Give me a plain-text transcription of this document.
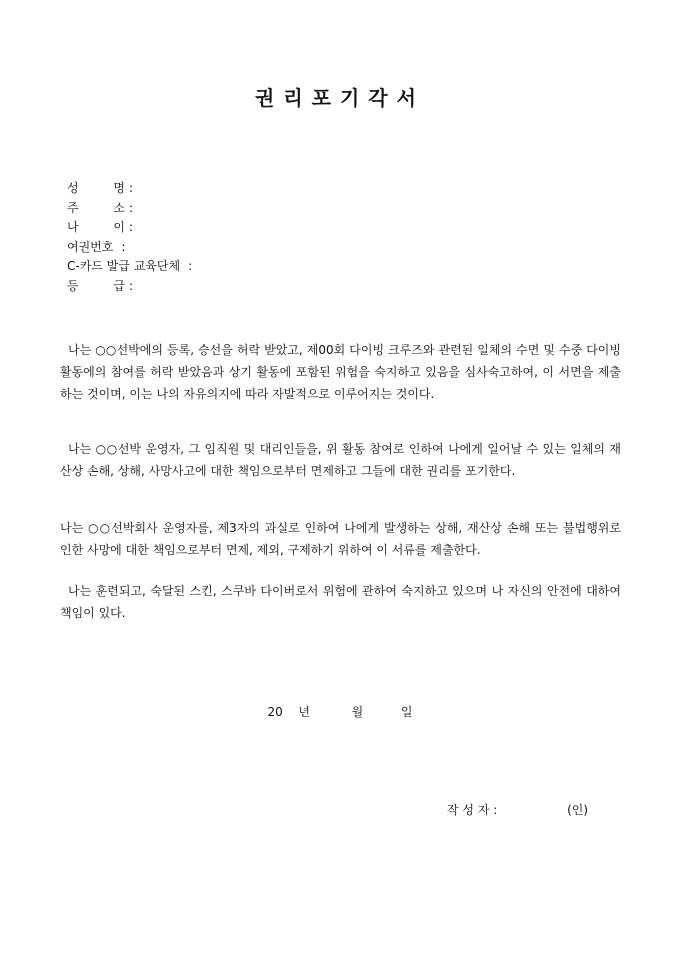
권리포기각서
성	명 :
주	소 :
나	이 :
여권번호 :
C-카드 발급 교육단체 :
등	급 :
나는 ○○선박에의 등록, 승선을 허락 받았고, 제00회 다이빙 크루즈와 관련된 일체의 수면 및 수중 다이빙 활동에의 참여를 허락 받았음과 상기 활동에 포함된 위험을 숙지하고 있음을 심사숙고하여, 이 서면을 제출하는 것이며, 이는 나의 자유의지에 따라 자발적으로 이루어지는 것이다.
나는 ○○선박 운영자, 그 임직원 및 대리인들을, 위 활동 참여로 인하여 나에게 일어날 수 있는 일체의 재산상 손해, 상해, 사망사고에 대한 책임으로부터 면제하고 그들에 대한 권리를 포기한다.
나는 ○○선박회사 운영자를, 제3자의 과실로 인하여 나에게 발생하는 상해, 재산상 손해 또는 불법행위로 인한 사망에 대한 책임으로부터 면제, 제외, 구제하기 위하여 이 서류를 제출한다.
나는 훈련되고, 숙달된 스킨, 스쿠바 다이버로서 위험에 관하여 숙지하고 있으며 나 자신의 안전에 대하여 책임이 있다.
20 년	월	일
작 성 자 :	(인)
